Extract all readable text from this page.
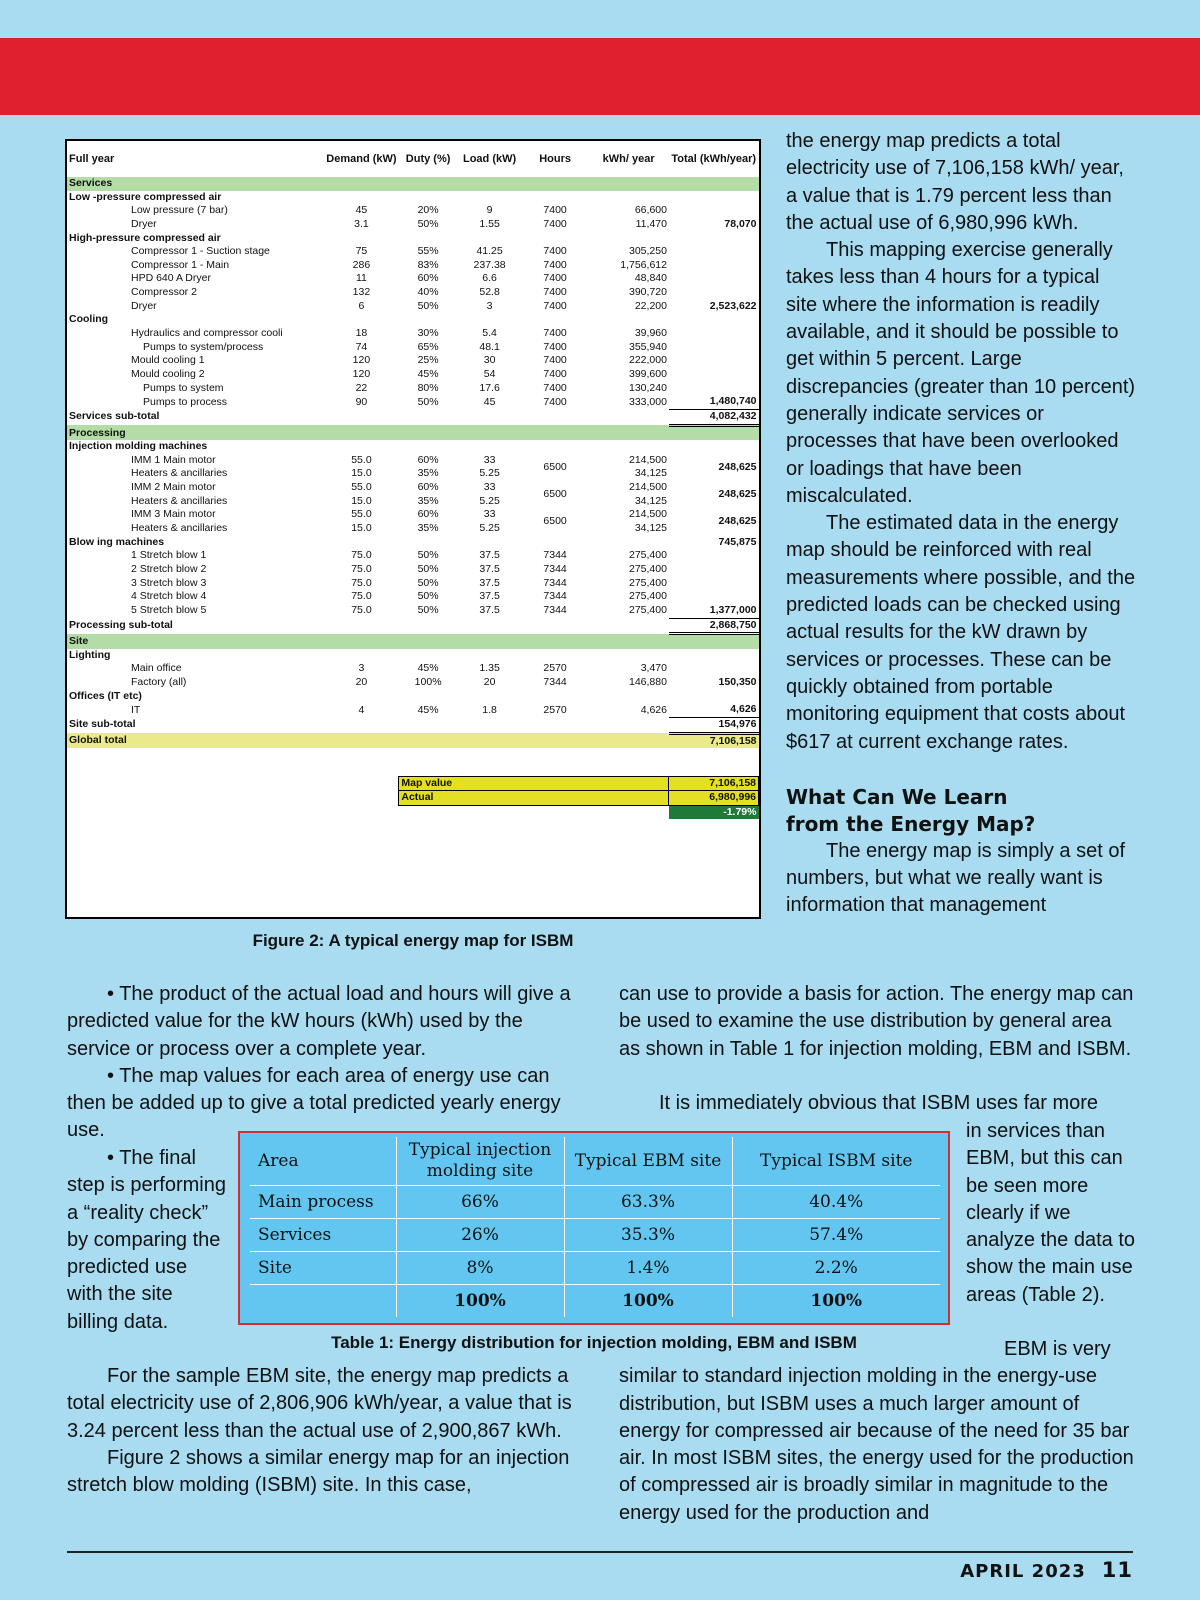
Full year	Demand (kW)	Duty (%)	Load (kW)	Hours	kWh/ year	Total (kWh/year)
Services						
Low -pressure compressed air						
Low pressure (7 bar)	45	20%	9	7400	66,600	
Dryer	3.1	50%	1.55	7400	11,470	78,070
High-pressure compressed air						
Compressor 1 - Suction stage	75	55%	41.25	7400	305,250	
Compressor 1 - Main	286	83%	237.38	7400	1,756,612	
HPD 640 A Dryer	11	60%	6.6	7400	48,840	
Compressor 2	132	40%	52.8	7400	390,720	
Dryer	6	50%	3	7400	22,200	2,523,622
Cooling						
Hydraulics and compressor cooli	18	30%	5.4	7400	39,960	
Pumps to system/process	74	65%	48.1	7400	355,940	
Mould cooling 1	120	25%	30	7400	222,000	
Mould cooling 2	120	45%	54	7400	399,600	
Pumps to system	22	80%	17.6	7400	130,240	
Pumps to process	90	50%	45	7400	333,000	1,480,740
Services sub-total						4,082,432
Processing						
Injection molding machines						
IMM 1 Main motor	55.0	60%	33	6500	214,500	248,625
Heaters & ancillaries	15.0	35%	5.25		34,125	
IMM 2 Main motor	55.0	60%	33	6500	214,500	248,625
Heaters & ancillaries	15.0	35%	5.25		34,125	
IMM 3 Main motor	55.0	60%	33	6500	214,500	248,625
Heaters & ancillaries	15.0	35%	5.25		34,125	
Blow ing machines						745,875
1 Stretch blow 1	75.0	50%	37.5	7344	275,400	
2 Stretch blow 2	75.0	50%	37.5	7344	275,400	
3 Stretch blow 3	75.0	50%	37.5	7344	275,400	
4 Stretch blow 4	75.0	50%	37.5	7344	275,400	
5 Stretch blow 5	75.0	50%	37.5	7344	275,400	1,377,000
Processing sub-total						2,868,750
Site						
Lighting						
Main office	3	45%	1.35	2570	3,470	
Factory (all)	20	100%	20	7344	146,880	150,350
Offices (IT etc)						
IT	4	45%	1.8	2570	4,626	4,626
Site sub-total						154,976
Global total						7,106,158

		Map value				7,106,158
		Actual				6,980,996
						-1.79%
Figure 2: A typical energy map for ISBM

the energy map predicts a total electricity use of 7,106,158 kWh/ year, a value that is 1.79 percent less than the actual use of 6,980,996 kWh.

This mapping exercise generally takes less than 4 hours for a typical site where the information is readily available, and it should be possible to get within 5 percent. Large discrepancies (greater than 10 percent) generally indicate services or processes that have been overlooked or loadings that have been miscalculated.

The estimated data in the energy map should be reinforced with real measurements where possible, and the predicted loads can be checked using actual results for the kW drawn by services or processes. These can be quickly obtained from portable monitoring equipment that costs about $617 at current exchange rates.

What Can We Learn

from the Energy Map?

The energy map is simply a set of numbers, but what we really want is information that management

• The product of the actual load and hours will give a predicted value for the kW hours (kWh) used by the service or process over a complete year.

• The map values for each area of energy use can then be added up to give a total predicted yearly energy use.

• The final step is performing a “reality check” by comparing the predicted use with the site billing data.

For the sample EBM site, the energy map predicts a total electricity use of 2,806,906 kWh/year, a value that is 3.24 percent less than the actual use of 2,900,867 kWh.

Figure 2 shows a similar energy map for an injection stretch blow molding (ISBM) site. In this case,

can use to provide a basis for action. The energy map can be used to examine the use distribution by general area as shown in Table 1 for injection molding, EBM and ISBM.

It is immediately obvious that ISBM uses far more

in services than EBM, but this can be seen more clearly if we analyze the data to show the main use areas (Table 2).

EBM is very similar to standard injection molding in the energy-use distribution, but ISBM uses a much larger amount of energy for compressed air because of the need for 35 bar air. In most ISBM sites, the energy used for the production of compressed air is broadly similar in magnitude to the energy used for the production and

Area	Typical injection molding site	Typical EBM site	Typical ISBM site
Main process	66%	63.3%	40.4%
Services	26%	35.3%	57.4%
Site	8%	1.4%	2.2%
	100%	100%	100%
Table 1: Energy distribution for injection molding, EBM and ISBM
APRIL 2023 11
